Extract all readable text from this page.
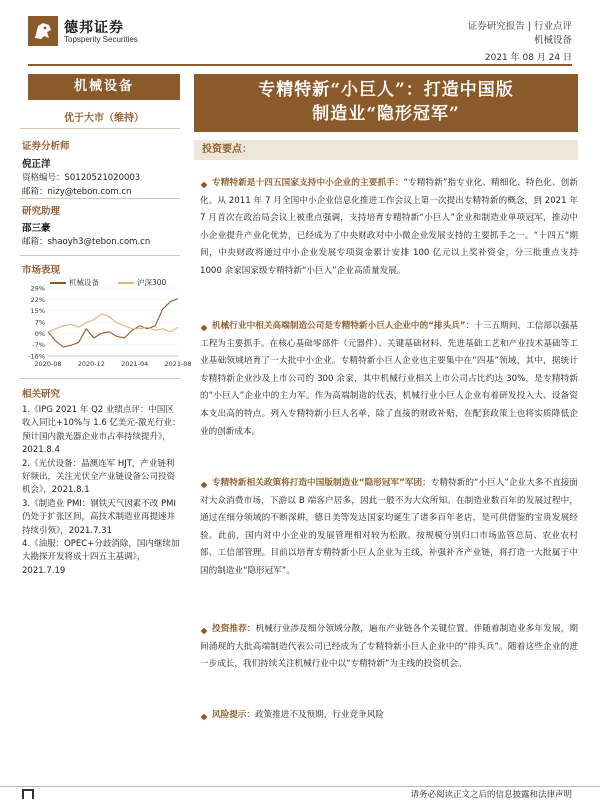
德邦证券
Topsperity Securities
证券研究报告 | 行业点评
机械设备
2021 年 08 月 24 日
机械设备
优于大市（维持）
证券分析师
倪正洋
资格编号：S0120521020003
邮箱：nizy@tebon.com.cn
研究助理
邵三豪
邮箱：shaoyh3@tebon.com.cn
市场表现
机械设备	沪深300
29%
22%
15%
7%
0%
-7%
-16%
2020-08 2020-12 2021-04 2021-08
相关研究
1.《IPG 2021 年 Q2 业绩点评：中国区收入同比+10%与 1.6 亿美元-激光行业：预计国内激光器企业市占率持续提升》，2021.8.4
2.《光伏设备：晶澳连军 HJT，产业链利好频出，关注光伏全产业链设备公司投资机会》，2021.8.1
3.《制造业 PMI：钢铁天气因素不改 PMI 仍处于扩张区间，高技术制造业再提速并持续引领》，2021.7.31
4.《油服：OPEC+分歧消除，国内继续加大勘探开发将成十四五主基调》，2021.7.19
专精特新“小巨人”：打造中国版
制造业“隐形冠军”
投资要点：
专精特新是十四五国家支持中小企业的主要抓手：“专精特新”指专业化、精细化、特色化、创新化。从 2011 年 7 月全国中小企业信息化推进工作会议上第一次提出专精特新的概念，到 2021 年 7 月首次在政治局会议上被重点强调，支持培育专精特新“小巨人”企业和制造业单项冠军，推动中小企业提升产业化优势，已经成为了中央财政对中小微企业发展支持的主要抓手之一。“十四五”期间，中央财政将通过中小企业发展专项资金累计安排 100 亿元以上奖补资金，分三批重点支持 1000 余家国家级专精特新“小巨人”企业高质量发展。
机械行业中相关高端制造公司是专精特新小巨人企业中的“排头兵”：十三五期间，工信部以强基工程为主要抓手。在核心基础零部件（元器件）、关键基础材料、先进基础工艺和产业技术基础等工业基础领域培育了一大批中小企业。专精特新小巨人企业也主要集中在“四基”领域，其中，据统计专精特新企业沙及上市公司约 300 余家，其中机械行业相关上市公司占比约达 30%，是专精特新的“小巨人”企业中的主力军。作为高端制造的代表，机械行业小巨人企业有着研发投入大、设备资本支出高的特点。列入专精特新小巨人名单，除了直接的财政补贴，在配套政策上也将实质降低企业的创新成本。
专精特新相关政策将打造中国版制造业“隐形冠军”军团：专精特新的“小巨人”企业大多不直接面对大众消费市场，下游以 B 端客户居多，因此一般不为大众所知。在制造业数百年的发展过程中，通过在细分领域的不断深耕，德日美等发达国家均诞生了诸多百年老店，是可供借鉴的宝贵发展经验。此前，国内对中小企业的发展管理相对较为松散。按规模分别归口市场监管总局、农业农村部、工信部管理。目前以培育专精特新小巨人企业为主线、补强补齐产业链，将打造一大批属于中国的制造业“隐形冠军”。
投资推荐：机械行业涉及细分领域分散，遍布产业链各个关键位置。伴随着制造业多年发展，期间涌现的大批高端制造代表公司已经成为了专精特新小巨人企业中的“排头兵”。随着这些企业的进一步成长，我们持续关注机械行业中以“专精特新”为主线的投资机会。
风险提示：政策推进不及预期，行业竞争风险
请务必阅读正文之后的信息披露和法律声明
